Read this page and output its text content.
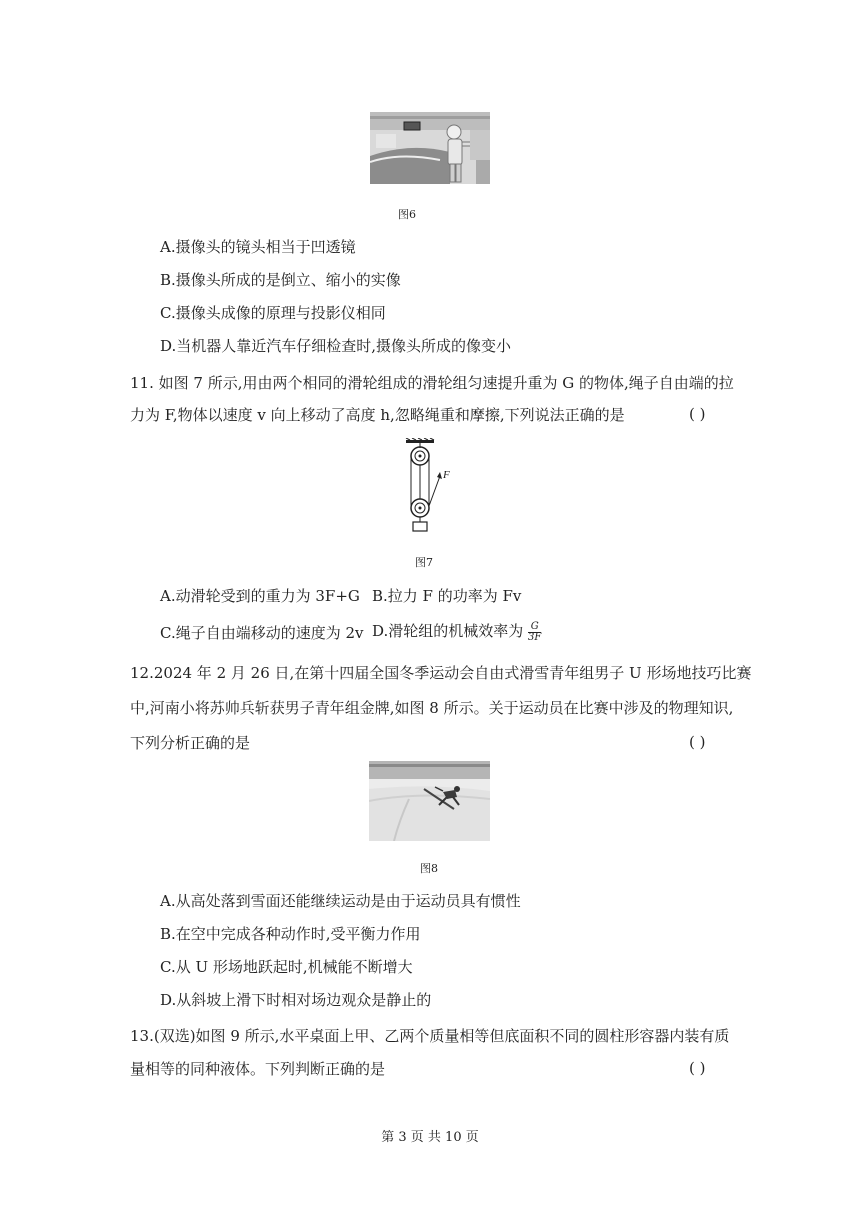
图6
A.摄像头的镜头相当于凹透镜
B.摄像头所成的是倒立、缩小的实像
C.摄像头成像的原理与投影仪相同
D.当机器人靠近汽车仔细检查时,摄像头所成的像变小
11. 如图 7 所示,用由两个相同的滑轮组成的滑轮组匀速提升重为 G 的物体,绳子自由端的拉
力为 F,物体以速度 v 向上移动了高度 h,忽略绳重和摩擦,下列说法正确的是	( )
F
图7
A.动滑轮受到的重力为 3F+G B.拉力 F 的功率为 Fv
C.绳子自由端移动的速度为 2v D.滑轮组的机械效率为 $\frac{G}{3F}$
12.2024 年 2 月 26 日,在第十四届全国冬季运动会自由式滑雪青年组男子 U 形场地技巧比赛
中,河南小将苏帅兵斩获男子青年组金牌,如图 8 所示。关于运动员在比赛中涉及的物理知识,
下列分析正确的是	( )
图8
A.从高处落到雪面还能继续运动是由于运动员具有惯性
B.在空中完成各种动作时,受平衡力作用
C.从 U 形场地跃起时,机械能不断增大
D.从斜坡上滑下时相对场边观众是静止的
13.(双选)如图 9 所示,水平桌面上甲、乙两个质量相等但底面积不同的圆柱形容器内装有质
量相等的同种液体。下列判断正确的是	( )
第 3 页 共 10 页
